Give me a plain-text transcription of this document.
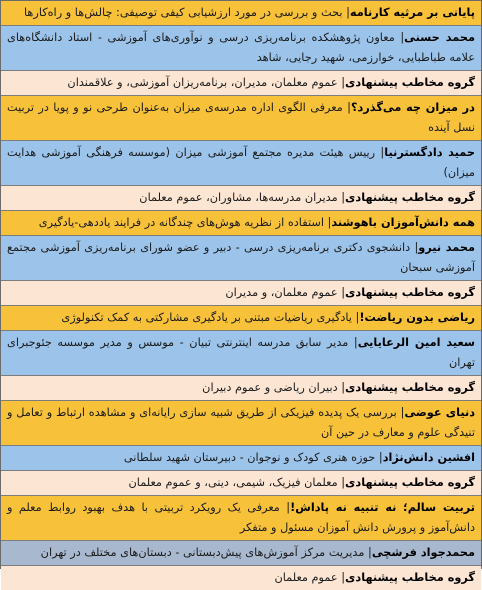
پایانی بر مرثیه کارنامه| بحث و بررسی در مورد ارزشیابی کیفی توصیفی: چالش‌ها و راه‌کارها
محمد حسنی| معاون پژوهشکده برنامه‌ریزی درسی و نوآوری‌های آموزشی - استاد دانشگاه‌های علامه طباطبایی، خوارزمی، شهید رجایی، شاهد
گروه مخاطب پیشنهادی| عموم معلمان، مدیران، برنامه‌ریزان آموزشی، و علاقمندان
در میزان چه می‌گذرد؟| معرفی الگوی اداره مدرسه‌ی میزان به‌عنوان طرحی نو و پویا در تربیت نسل آینده
حمید دادگسترنیا| رییس هیئت مدیره مجتمع آموزشی میزان (موسسه فرهنگی آموزشی هدایت میزان)
گروه مخاطب پیشنهادی| مدیران مدرسه‌ها، مشاوران، عموم معلمان
همه دانش‌آموزان باهوشند| استفاده از نظریه هوش‌های چندگانه در فرایند یاددهی-یادگیری
محمد نیرو| دانشجوی دکتری برنامه‌ریزی درسی - دبیر و عضو شورای برنامه‌ریزی آموزشی مجتمع آموزشی سبحان
گروه مخاطب پیشنهادی| عموم معلمان، و مدیران
ریاضی بدون ریاضت!| یادگیری ریاضیات مبتنی بر یادگیری مشارکتی به کمک تکنولوژی
سعید امین الرعایایی| مدیر سابق مدرسه اینترنتی تبیان - موسس و مدیر موسسه جئوجبرای تهران
گروه مخاطب پیشنهادی| دبیران ریاضی و عموم دبیران
دنیای عوضی| بررسی یک پدیده فیزیکی از طریق شبیه سازی رایانه‌ای و مشاهده ارتباط و تعامل و تنیدگی علوم و معارف در حین آن
افشین دانش‌نژاد| حوزه هنری کودک و نوجوان - دبیرستان شهید سلطانی
گروه مخاطب پیشنهادی| معلمان فیزیک، شیمی، دینی، و عموم معلمان
تربیت سالم؛ نه تنبیه نه پاداش!| معرفی یک رویکرد تربیتی با هدف بهبود روابط معلم و دانش‌آموز و پرورش دانش آموزان مسئول و متفکر
محمدجواد فرشچی| مدیریت مرکز آموزش‌های پیش‌دبستانی - دبستان‌های مختلف در تهران
گروه مخاطب پیشنهادی| عموم معلمان
